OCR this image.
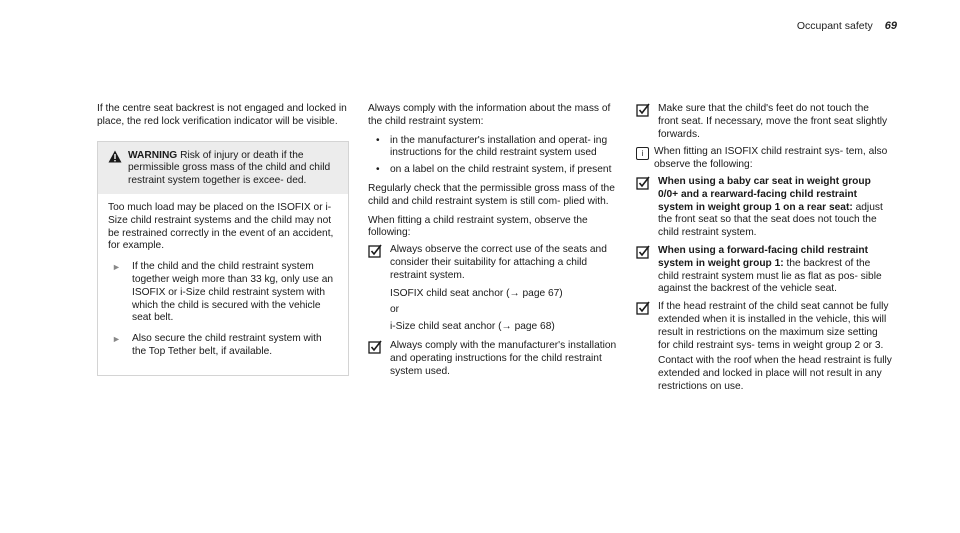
Occupant safety 69

If the centre seat backrest is not engaged and locked in place, the red lock verification indicator will be visible.

WARNING Risk of injury or death if the permissible gross mass of the child and child restraint system together is excee- ded.

Too much load may be placed on the ISOFIX or i-Size child restraint systems and the child may not be restrained correctly in the event of an accident, for example.

►	If the child and the child restraint system together weigh more than 33 kg, only use an ISOFIX or i-Size child restraint system with which the child is secured with the vehicle seat belt.
►	Also secure the child restraint system with the Top Tether belt, if available.

Always comply with the information about the mass of the child restraint system:

•	in the manufacturer's installation and operat- ing instructions for the child restraint system used
•	on a label on the child restraint system, if present

Regularly check that the permissible gross mass of the child and child restraint system is still com- plied with.

When fitting a child restraint system, observe the following:

Always observe the correct use of the seats and consider their suitability for attaching a child restraint system.
ISOFIX child seat anchor (→ page 67)
or
i-Size child seat anchor (→ page 68)
Always comply with the manufacturer's installation and operating instructions for the child restraint system used.
Make sure that the child's feet do not touch the front seat. If necessary, move the front seat slightly forwards.
i	When fitting an ISOFIX child restraint sys- tem, also observe the following:
When using a baby car seat in weight group 0/0+ and a rearward-facing child restraint system in weight group 1 on a rear seat: adjust the front seat so that the seat does not touch the child restraint system.
When using a forward-facing child restraint system in weight group 1: the backrest of the child restraint system must lie as flat as pos- sible against the backrest of the vehicle seat.
If the head restraint of the child seat cannot be fully extended when it is installed in the vehicle, this will result in restrictions on the maximum size setting for child restraint sys- tems in weight group 2 or 3.
Contact with the roof when the head restraint is fully extended and locked in place will not result in any restrictions on use.
